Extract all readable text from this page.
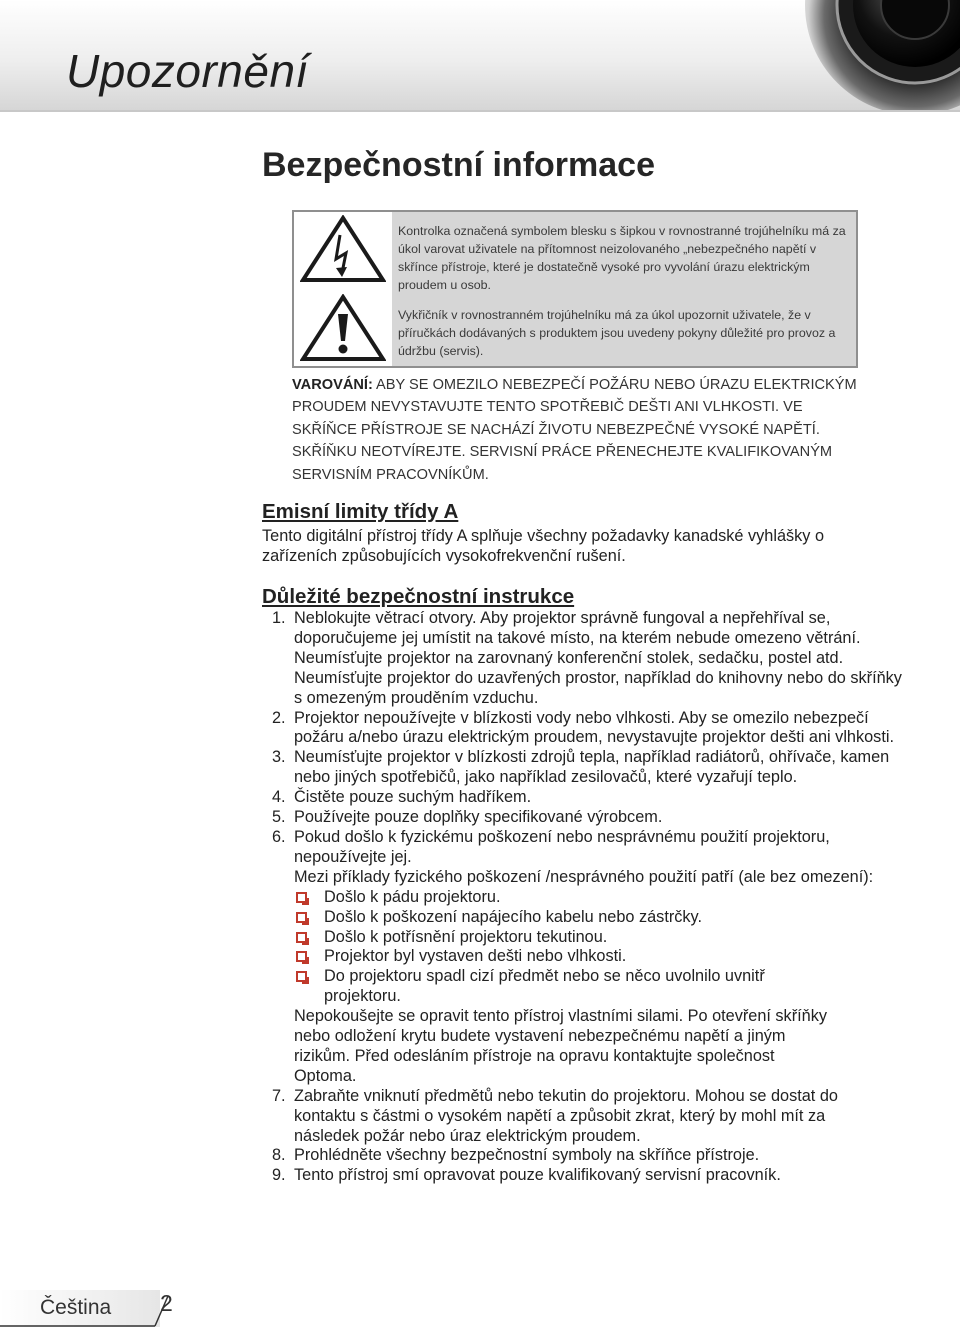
Upozornění
Bezpečnostní informace

Kontrolka označená symbolem blesku s šipkou v rovnostranné trojúhelníku má za úkol varovat uživatele na přítomnost neizolovaného „nebezpečného napětí v skřínce přístroje, které je dostatečně vysoké pro vyvolání úrazu elektrickým proudem u osob.

Vykřičník v rovnostranném trojúhelníku má za úkol upozornit uživatele, že v příručkách dodávaných s produktem jsou uvedeny pokyny důležité pro provoz a údržbu (servis).

VAROVÁNÍ: ABY SE OMEZILO NEBEZPEČÍ POŽÁRU NEBO ÚRAZU ELEKTRICKÝM PROUDEM NEVYSTAVUJTE TENTO SPOTŘEBIČ DEŠTI ANI VLHKOSTI. VE SKŘÍŇCE PŘÍSTROJE SE NACHÁZÍ ŽIVOTU NEBEZPEČNÉ VYSOKÉ NAPĚTÍ. SKŘÍŇKU NEOTVÍREJTE. SERVISNÍ PRÁCE PŘENECHEJTE KVALIFIKOVANÝM SERVISNÍM PRACOVNÍKŮM.
Emisní limity třídy A
Tento digitální přístroj třídy A splňuje všechny požadavky kanadské vyhlášky o zařízeních způsobujících vysokofrekvenční rušení.
Důležité bezpečnostní instrukce
1. Neblokujte větrací otvory. Aby projektor správně fungoval a nepřehříval se, doporučujeme jej umístit na takové místo, na kterém nebude omezeno větrání. Neumísťujte projektor na zarovnaný konferenční stolek, sedačku, postel atd. Neumísťujte projektor do uzavřených prostor, například do knihovny nebo do skříňky s omezeným prouděním vzduchu.
2. Projektor nepoužívejte v blízkosti vody nebo vlhkosti. Aby se omezilo nebezpečí požáru a/nebo úrazu elektrickým proudem, nevystavujte projektor dešti ani vlhkosti.
3. Neumísťujte projektor v blízkosti zdrojů tepla, například radiátorů, ohřívače, kamen nebo jiných spotřebičů, jako například zesilovačů, které vyzařují teplo.
4. Čistěte pouze suchým hadříkem.
5. Používejte pouze doplňky specifikované výrobcem.
6. Pokud došlo k fyzickému poškození nebo nesprávnému použití projektoru, nepoužívejte jej.
Mezi příklady fyzického poškození /nesprávného použití patří (ale bez omezení):
Došlo k pádu projektoru.
Došlo k poškození napájecího kabelu nebo zástrčky.
Došlo k potřísnění projektoru tekutinou.
Projektor byl vystaven dešti nebo vlhkosti.
Do projektoru spadl cizí předmět nebo se něco uvolnilo uvnitř projektoru.
Nepokoušejte se opravit tento přístroj vlastními silami. Po otevření skříňky nebo odložení krytu budete vystavení nebezpečnému napětí a jiným rizikům. Před odesláním přístroje na opravu kontaktujte společnost Optoma.
7. Zabraňte vniknutí předmětů nebo tekutin do projektoru. Mohou se dostat do kontaktu s částmi o vysokém napětí a způsobit zkrat, který by mohl mít za následek požár nebo úraz elektrickým proudem.
8. Prohlédněte všechny bezpečnostní symboly na skříňce přístroje.
9. Tento přístroj smí opravovat pouze kvalifikovaný servisní pracovník.
Čeština 2
